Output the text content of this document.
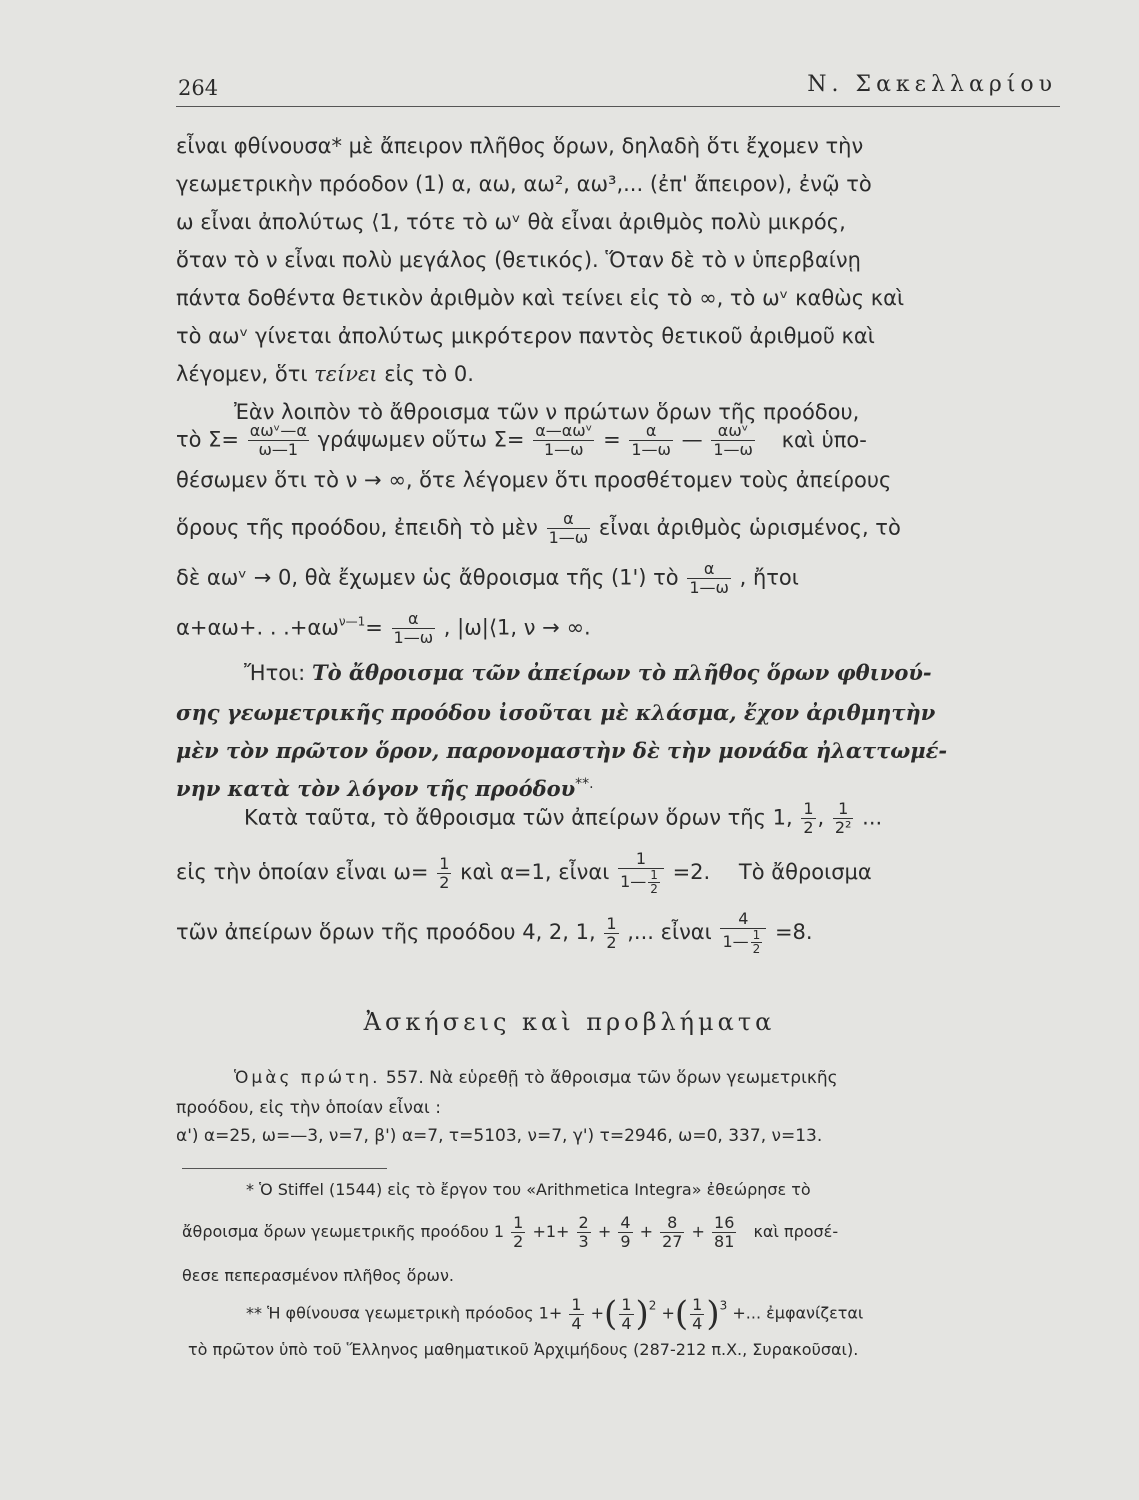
264	Ν. Σακελλαρίου
εἶναι φθίνουσα* μὲ ἄπειρον πλῆθος ὅρων, δηλαδὴ ὅτι ἔχομεν τὴν
γεωμετρικὴν πρόοδον (1) α, αω, αω², αω³,... (ἐπ' ἄπειρον), ἐνῷ τὸ
ω εἶναι ἀπολύτως ⟨1, τότε τὸ ωᵛ θὰ εἶναι ἀριθμὸς πολὺ μικρός,
ὅταν τὸ ν εἶναι πολὺ μεγάλος (θετικός). Ὅταν δὲ τὸ ν ὑπερβαίνῃ
πάντα δοθέντα θετικὸν ἀριθμὸν καὶ τείνει εἰς τὸ ∞, τὸ ωᵛ καθὼς καὶ
τὸ αωᵛ γίνεται ἀπολύτως μικρότερον παντὸς θετικοῦ ἀριθμοῦ καὶ
λέγομεν, ὅτι τείνει εἰς τὸ 0.
Ἐὰν λοιπὸν τὸ ἄθροισμα τῶν ν πρώτων ὅρων τῆς προόδου,
τὸ $\Sigma= \frac{\text{αωᵛ—α}}{\omega—1}$ γράψωμεν οὕτω $\Sigma= \frac{\text{α—αωᵛ}}{1—\omega} = \frac{\alpha}{1—\omega}$ — $\frac{\text{αωᵛ}}{1—\omega}$ καὶ ὑπο-
θέσωμεν ὅτι τὸ ν → ∞, ὅτε λέγομεν ὅτι προσθέτομεν τοὺς ἀπείρους
ὅρους τῆς προόδου, ἐπειδὴ τὸ μὲν $\frac{\alpha}{1—\omega}$ εἶναι ἀριθμὸς ὡρισμένος, τὸ
δὲ αωᵛ → 0, θὰ ἔχωμεν ὡς ἄθροισμα τῆς (1') τὸ $\frac{\alpha}{1—\omega}$ , ἤτοι
α+αω+. . $.+\alpha\omega^{\nu—1}= \frac{\alpha}{1—\omega}$ , |ω|⟨1, ν → ∞.
Ἤτοι: Τὸ ἄθροισμα τῶν ἀπείρων τὸ πλῆθος ὅρων φθινού-
σης γεωμετρικῆς προόδου ἰσοῦται μὲ κλάσμα, ἔχον ἀριθμητὴν
μὲν τὸν πρῶτον ὅρον, παρονομαστὴν δὲ τὴν μονάδα ἠλαττωμέ-
νην κατὰ τὸν λόγον τῆς προόδου**.
Κατὰ ταῦτα, τὸ ἄθροισμα τῶν ἀπείρων ὅρων τῆς 1, $\frac{1}{2}$ , $\frac{1}{\text{2²}}$ ...
εἰς τὴν ὁποίαν εἶναι $\omega= \frac{1}{2}$ καὶ α=1, εἶναι $\frac{1}{1— \frac{1}{2}} =2$. Τὸ ἄθροισμα
τῶν ἀπείρων ὅρων τῆς προόδου 4, 2, 1, $\frac{1}{2}$ ,... εἶναι $\frac{4}{1— \frac{1}{2}} =8$.
Ἀσκήσεις καὶ προβλήματα
Ὁμὰς πρώτη. 557. Νὰ εὑρεθῇ τὸ ἄθροισμα τῶν ὅρων γεωμετρικῆς
προόδου, εἰς τὴν ὁποίαν εἶναι :
α') α=25, ω=—3, ν=7, β') α=7, τ=5103, ν=7, γ') τ=2946, ω=0, 337, ν=13.
* Ὁ Stiffel (1544) εἰς τὸ ἔργον του «Arithmetica Integra» ἐθεώρησε τὸ
ἄθροισμα ὅρων γεωμετρικῆς προόδου $1 \frac{1}{2} +1+ \frac{2}{3} + \frac{4}{9} + \frac{8}{27} + \frac{16}{81}$ καὶ προσέ-
θεσε πεπερασμένον πλῆθος ὅρων.
** Ἡ φθίνουσα γεωμετρικὴ πρόοδος $1+ \frac{1}{4}$ +( $\frac{1}{4} )^2$ +( $\frac{1}{4} )^3$ +... ἐμφανίζεται
τὸ πρῶτον ὑπὸ τοῦ Ἕλληνος μαθηματικοῦ Ἀρχιμήδους (287-212 π.Χ., Συρακοῦσαι).
